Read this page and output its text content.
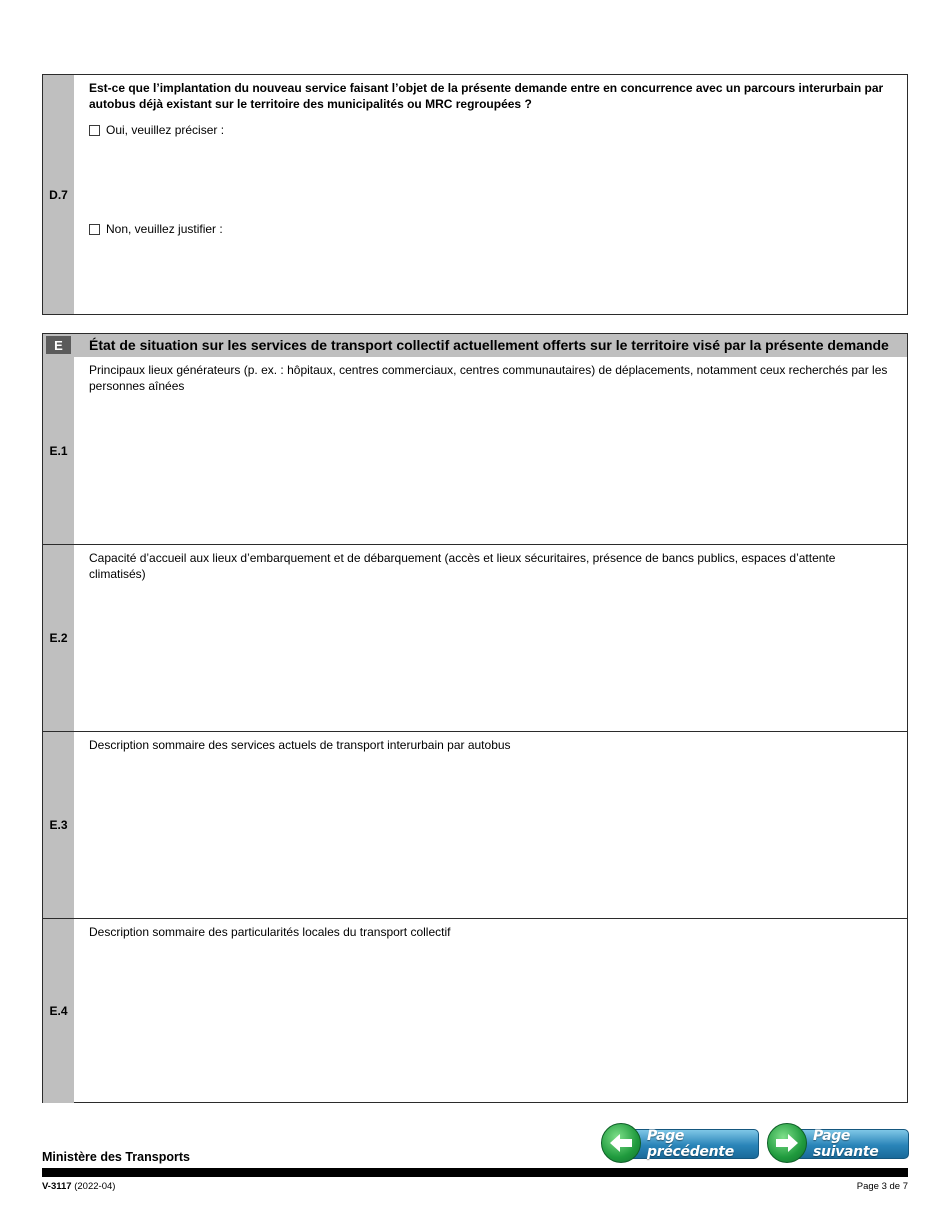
D.7
Est-ce que l’implantation du nouveau service faisant l’objet de la présente demande entre en concurrence avec un parcours interurbain par autobus déjà existant sur le territoire des municipalités ou MRC regroupées ?
Oui, veuillez préciser :
Non, veuillez justifier :
E	État de situation sur les services de transport collectif actuellement offerts sur le territoire visé par la présente demande
E.1
Principaux lieux générateurs (p. ex. : hôpitaux, centres commerciaux, centres communautaires) de déplacements, notamment ceux recherchés par les personnes aînées
E.2
Capacité d’accueil aux lieux d’embarquement et de débarquement (accès et lieux sécuritaires, présence de bancs publics, espaces d’attente climatisés)
E.3
Description sommaire des services actuels de transport interurbain par autobus
E.4
Description sommaire des particularités locales du transport collectif
Page précédente
Page suivante
Ministère des Transports
V-3117 (2022-04)	Page 3 de 7
